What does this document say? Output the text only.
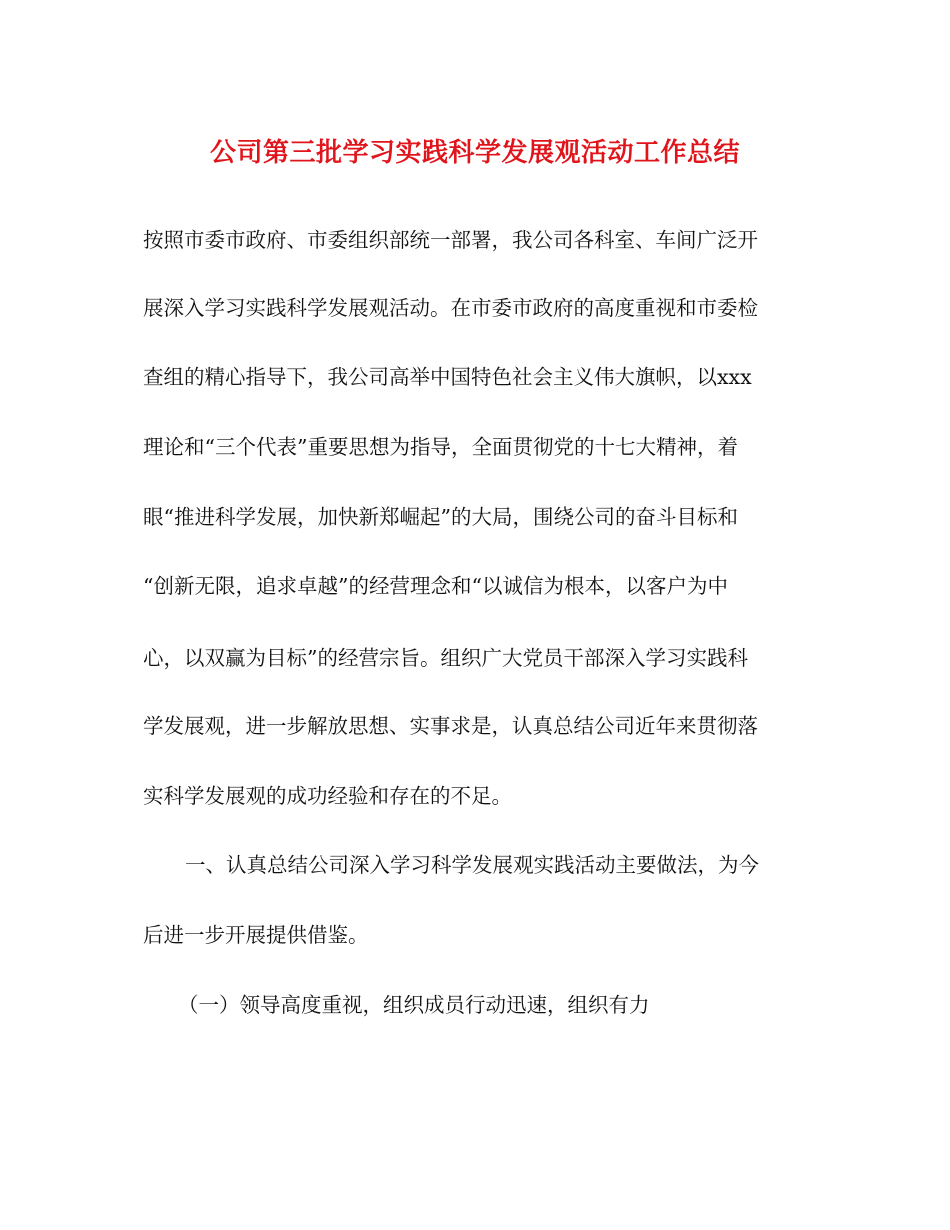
公司第三批学习实践科学发展观活动工作总结
按照市委市政府、市委组织部统一部署，我公司各科室、车间广泛开
展深入学习实践科学发展观活动。在市委市政府的高度重视和市委检
查组的精心指导下，我公司高举中国特色社会主义伟大旗帜，以xxx
理论和“三个代表”重要思想为指导，全面贯彻党的十七大精神，着
眼“推进科学发展，加快新郑崛起”的大局，围绕公司的奋斗目标和
“创新无限，追求卓越”的经营理念和“以诚信为根本，以客户为中
心，以双赢为目标”的经营宗旨。组织广大党员干部深入学习实践科
学发展观，进一步解放思想、实事求是，认真总结公司近年来贯彻落
实科学发展观的成功经验和存在的不足。
一、认真总结公司深入学习科学发展观实践活动主要做法，为今
后进一步开展提供借鉴。
（一）领导高度重视，组织成员行动迅速，组织有力
